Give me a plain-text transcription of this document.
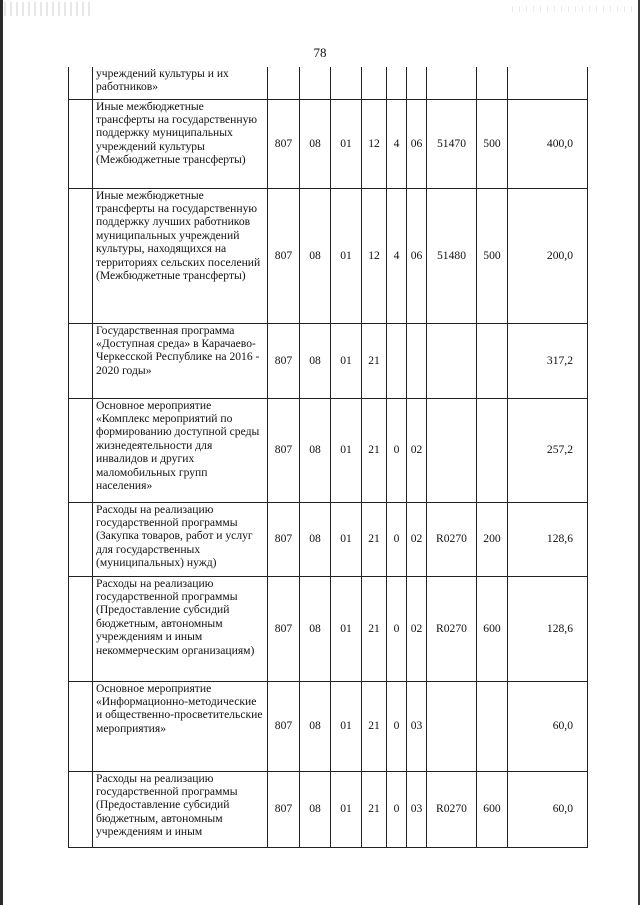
78
	учреждений культуры и их работников»									
	Иные межбюджетные трансферты на государственную поддержку муниципальных учреждений культуры (Межбюджетные трансферты)	807	08	01	12	4	06	51470	500	400,0
	Иные межбюджетные трансферты на государственную поддержку лучших работников муниципальных учреждений культуры, находящихся на территориях сельских поселений (Межбюджетные трансферты)	807	08	01	12	4	06	51480	500	200,0
	Государственная программа «Доступная среда» в Карачаево-Черкесской Республике на 2016 - 2020 годы»	807	08	01	21					317,2
	Основное мероприятие «Комплекс мероприятий по формированию доступной среды жизнедеятельности для инвалидов и других маломобильных групп населения»	807	08	01	21	0	02			257,2
	Расходы на реализацию государственной программы (Закупка товаров, работ и услуг для государственных (муниципальных) нужд)	807	08	01	21	0	02	R0270	200	128,6
	Расходы на реализацию государственной программы (Предоставление субсидий бюджетным, автономным учреждениям и иным некоммерческим организациям)	807	08	01	21	0	02	R0270	600	128,6
	Основное мероприятие «Информационно-методические и общественно-просветительские мероприятия»	807	08	01	21	0	03			60,0
	Расходы на реализацию государственной программы (Предоставление субсидий бюджетным, автономным учреждениям и иным	807	08	01	21	0	03	R0270	600	60,0
